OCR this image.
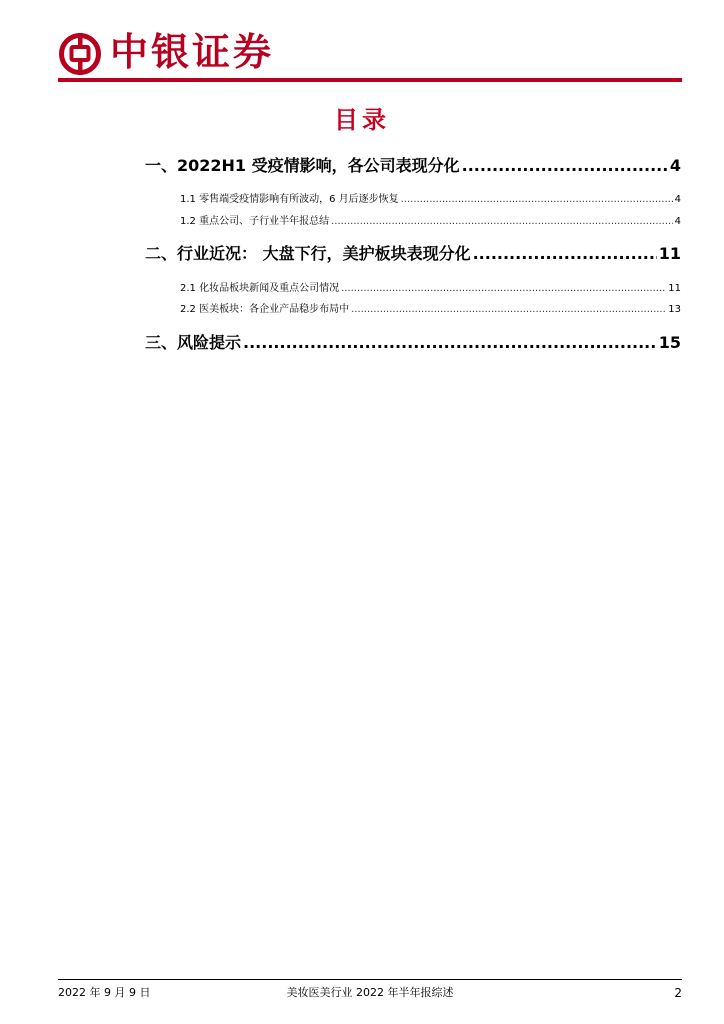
中银证券
目录
一、2022H1 受疫情影响，各公司表现分化 .....	4
1.1 零售端受疫情影响有所波动，6 月后逐步恢复 .....	4
1.2 重点公司、子行业半年报总结 .....	4
二、行业近况： 大盘下行，美护板块表现分化 .....	11
2.1 化妆品板块新闻及重点公司情况 .....	11
2.2 医美板块：各企业产品稳步布局中 .....	13
三、风险提示 .....	15
2022 年 9 月 9 日	美妆医美行业 2022 年半年报综述	2
